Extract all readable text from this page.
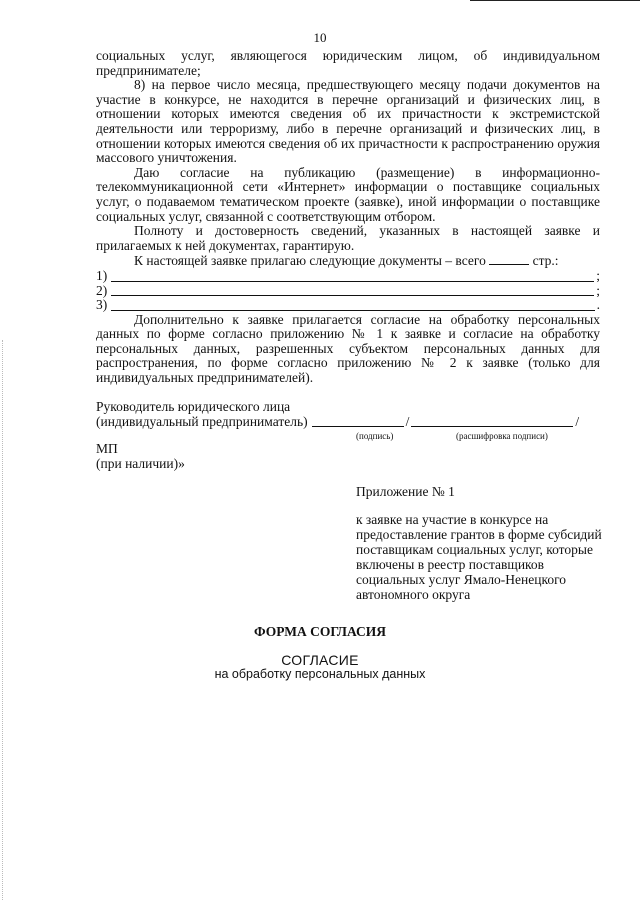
10

социальных услуг, являющегося юридическим лицом, об индивидуальном предпринимателе;

8) на первое число месяца, предшествующего месяцу подачи документов на участие в конкурсе, не находится в перечне организаций и физических лиц, в отношении которых имеются сведения об их причастности к экстремистской деятельности или терроризму, либо в перечне организаций и физических лиц, в отношении которых имеются сведения об их причастности к распространению оружия массового уничтожения.

Даю согласие на публикацию (размещение) в информационно-телекоммуникационной сети «Интернет» информации о поставщике социальных услуг, о подаваемом тематическом проекте (заявке), иной информации о поставщике социальных услуг, связанной с соответствующим отбором.

Полноту и достоверность сведений, указанных в настоящей заявке и прилагаемых к ней документах, гарантирую.

К настоящей заявке прилагаю следующие документы – всего	стр.:

1)	;
2)	;
3)	.

Дополнительно к заявке прилагается согласие на обработку персональных данных по форме согласно приложению № 1 к заявке и согласие на обработку персональных данных, разрешенных субъектом персональных данных для распространения, по форме согласно приложению № 2 к заявке (только для индивидуальных предпринимателей).

Руководитель юридического лица

(индивидуальный предприниматель)	/	/
(подпись)	(расшифровка подписи)

МП

(при наличии)»

Приложение № 1
к заявке на участие в конкурсе на предоставление грантов в форме субсидий поставщикам социальных услуг, которые включены в реестр поставщиков социальных услуг Ямало-Ненецкого автономного округа
ФОРМА СОГЛАСИЯ
СОГЛАСИЕ
на обработку персональных данных
